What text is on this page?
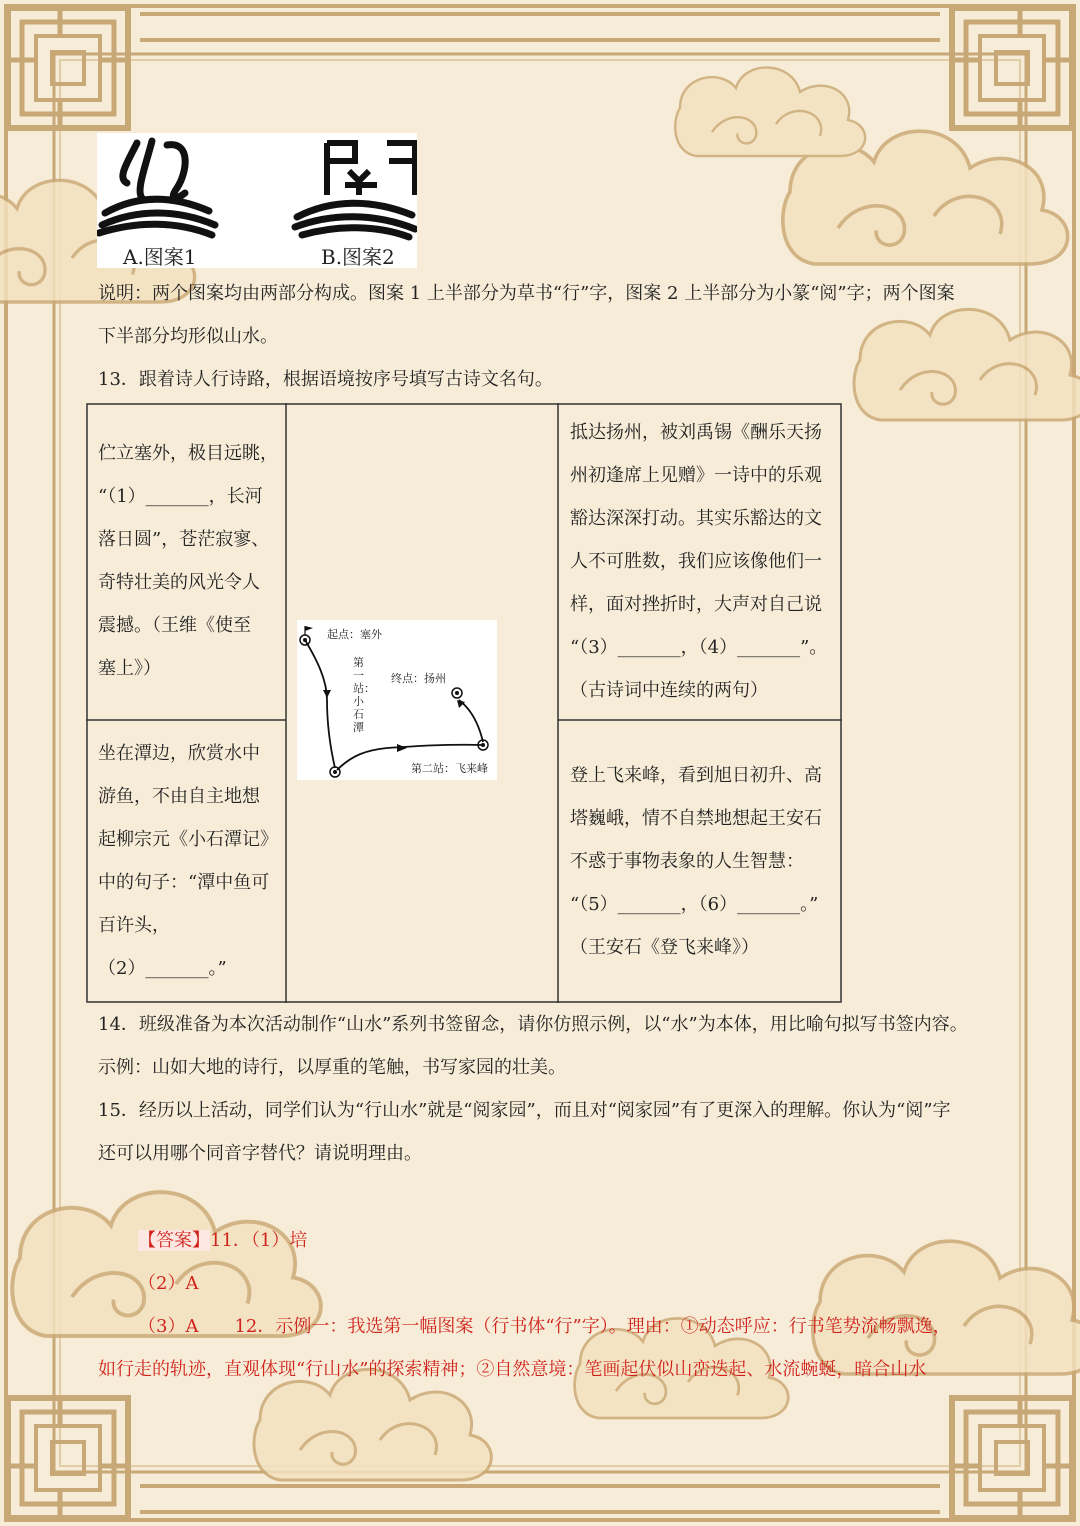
A.图案1	B.图案2
说明：两个图案均由两部分构成。图案 1 上半部分为草书“行”字，图案 2 上半部分为小篆“阅”字；两个图案
下半部分均形似山水。
13．跟着诗人行诗路，根据语境按序号填写古诗文名句。
伫立塞外，极目远眺，
“（1）_______，长河
落日圆”，苍茫寂寥、
奇特壮美的风光令人
震撼。（王维《使至
塞上》）
坐在潭边，欣赏水中
游鱼，不由自主地想
起柳宗元《小石潭记》
中的句子：“潭中鱼可
百许头，
（2）_______。”
抵达扬州，被刘禹锡《酬乐天扬
州初逢席上见赠》一诗中的乐观
豁达深深打动。其实乐豁达的文
人不可胜数，我们应该像他们一
样，面对挫折时，大声对自己说
“（3）_______，（4）_______”。
（古诗词中连续的两句）
登上飞来峰，看到旭日初升、高
塔巍峨，情不自禁地想起王安石
不惑于事物表象的人生智慧：
“（5）_______，（6）_______。”
（王安石《登飞来峰》）
起点：塞外
第一站：小石潭
终点：扬州
第二站：飞来峰
14．班级准备为本次活动制作“山水”系列书签留念，请你仿照示例，以“水”为本体，用比喻句拟写书签内容。
示例：山如大地的诗行，以厚重的笔触，书写家园的壮美。
15．经历以上活动，同学们认为“行山水”就是“阅家园”，而且对“阅家园”有了更深入的理解。你认为“阅”字
还可以用哪个同音字替代？请说明理由。
【答案】11．（1）培
（2）A
（3）A　　12．示例一：我选第一幅图案（行书体“行”字）。理由：①动态呼应：行书笔势流畅飘逸，
如行走的轨迹，直观体现“行山水”的探索精神；②自然意境：笔画起伏似山峦迭起、水流蜿蜒，暗合山水
